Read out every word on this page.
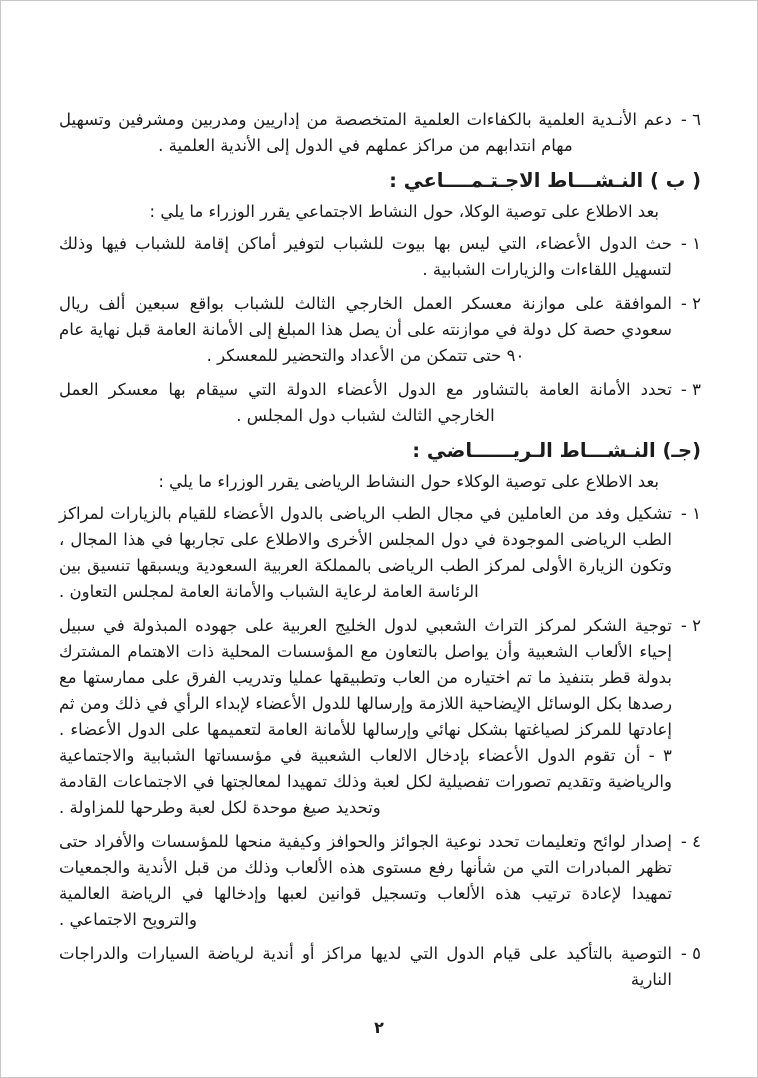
٦ -

دعم الأنـدية العلمية بالكفاءات العلمية المتخصصة من إداريين ومدربين ومشرفين وتسهيل مهام انتدابهم من مراكز عملهم في الدول إلى الأندية العلمية .

( ب ) النـشـــاط الاجـتـمــــاعي :

بعد الاطلاع على توصية الوكلا، حول النشاط الاجتماعي يقرر الوزراء ما يلي :

١ -

حث الدول الأعضاء، التي ليس بها بيوت للشباب لتوفير أماكن إقامة للشباب فيها وذلك لتسهيل اللقاءات والزيارات الشبابية .

٢ -

الموافقة على موازنة معسكر العمل الخارجي الثالث للشباب بواقع سبعين ألف ريال سعودي حصة كل دولة في موازنته على أن يصل هذا المبلغ إلى الأمانة العامة قبل نهاية عام ٩٠ حتى تتمكن من الأعداد والتحضير للمعسكر .

٣ -

تحدد الأمانة العامة بالتشاور مع الدول الأعضاء الدولة التي سيقام بها معسكر العمل الخارجي الثالث لشباب دول المجلس .

(جـ) النـشـــاط الـريــــــاضي :

بعد الاطلاع على توصية الوكلاء حول النشاط الرياضى يقرر الوزراء ما يلي :

١ -

تشكيل وفد من العاملين في مجال الطب الرياضى بالدول الأعضاء للقيام بالزيارات لمراكز الطب الرياضى الموجودة في دول المجلس الأخرى والاطلاع على تجاربها في هذا المجال ، وتكون الزيارة الأولى لمركز الطب الرياضى بالمملكة العربية السعودية ويسبقها تنسيق بين الرئاسة العامة لرعاية الشباب والأمانة العامة لمجلس التعاون .

٢ -

توجية الشكر لمركز التراث الشعبي لدول الخليج العربية على جهوده المبذولة في سبيل إحياء الألعاب الشعبية وأن يواصل بالتعاون مع المؤسسات المحلية ذات الاهتمام المشترك بدولة قطر بتنفيذ ما تم اختياره من العاب وتطبيقها عمليا وتدريب الفرق على ممارستها مع رصدها بكل الوسائل الإيضاحية اللازمة وإرسالها للدول الأعضاء لإبداء الرأي في ذلك ومن ثم إعادتها للمركز لصياغتها بشكل نهائي وإرسالها للأمانة العامة لتعميمها على الدول الأعضاء . ٣ - أن تقوم الدول الأعضاء بإدخال الالعاب الشعبية في مؤسساتها الشبابية والاجتماعية والرياضية وتقديم تصورات تفصيلية لكل لعبة وذلك تمهيدا لمعالجتها في الاجتماعات القادمة وتحديد صيغ موحدة لكل لعبة وطرحها للمزاولة .

٤ -

إصدار لوائح وتعليمات تحدد نوعية الجوائز والحوافز وكيفية منحها للمؤسسات والأفراد حتى تظهر المبادرات التي من شأنها رفع مستوى هذه الألعاب وذلك من قبل الأندية والجمعيات تمهيدا لإعادة ترتيب هذه الألعاب وتسجيل قوانين لعبها وإدخالها في الرياضة العالمية والترويح الاجتماعي .

٥ -

التوصية بالتأكيد على قيام الدول التي لديها مراكز أو أندية لرياضة السيارات والدراجات النارية

٢
